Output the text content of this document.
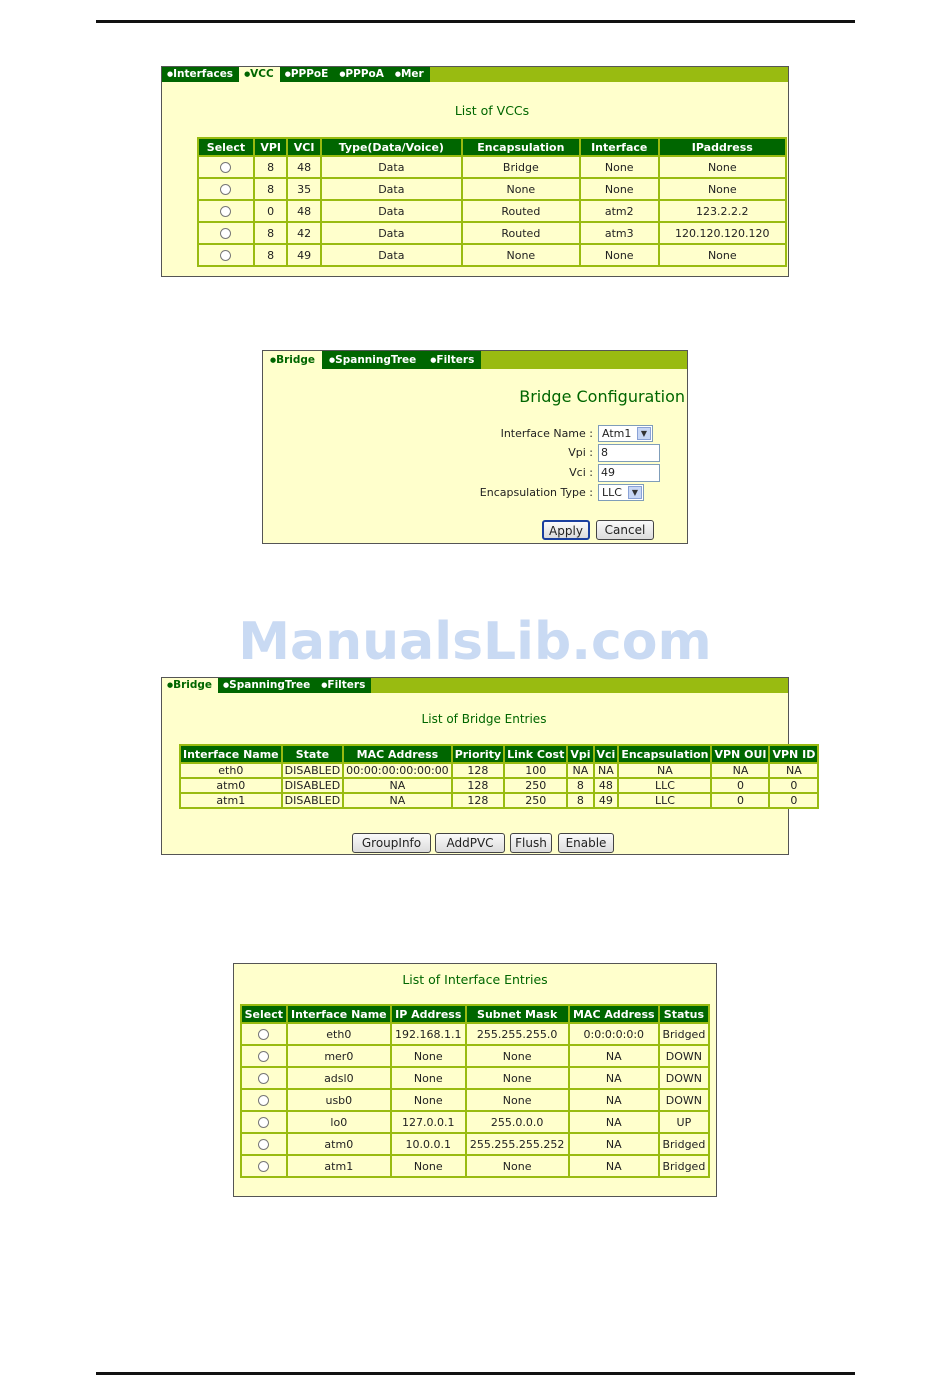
● Interfaces	● VCC	● PPPoE	● PPPoA	● Mer
List of VCCs
Select	VPI	VCI	Type(Data/Voice)	Encapsulation	Interface	IPaddress
	8	48	Data	Bridge	None	None
	8	35	Data	None	None	None
	0	48	Data	Routed	atm2	123.2.2.2
	8	42	Data	Routed	atm3	120.120.120.120
	8	49	Data	None	None	None
● Bridge	● SpanningTree	● Filters
Bridge Configuration
Interface Name : Atm1	▼
Vpi : 8
Vci : 49
Encapsulation Type : LLC	▼
Apply	Cancel
ManualsLib.com
● Bridge	● SpanningTree	● Filters
List of Bridge Entries
Interface Name	State	MAC Address	Priority	Link Cost	Vpi	Vci	Encapsulation	VPN OUI	VPN ID
eth0	DISABLED	00:00:00:00:00:00	128	100	NA	NA	NA	NA	NA
atm0	DISABLED	NA	128	250	8	48	LLC	0	0
atm1	DISABLED	NA	128	250	8	49	LLC	0	0
GroupInfo	AddPVC	Flush	Enable
List of Interface Entries
Select	Interface Name	IP Address	Subnet Mask	MAC Address	Status
	eth0	192.168.1.1	255.255.255.0	0:0:0:0:0:0	Bridged
	mer0	None	None	NA	DOWN
	adsl0	None	None	NA	DOWN
	usb0	None	None	NA	DOWN
	lo0	127.0.0.1	255.0.0.0	NA	UP
	atm0	10.0.0.1	255.255.255.252	NA	Bridged
	atm1	None	None	NA	Bridged
